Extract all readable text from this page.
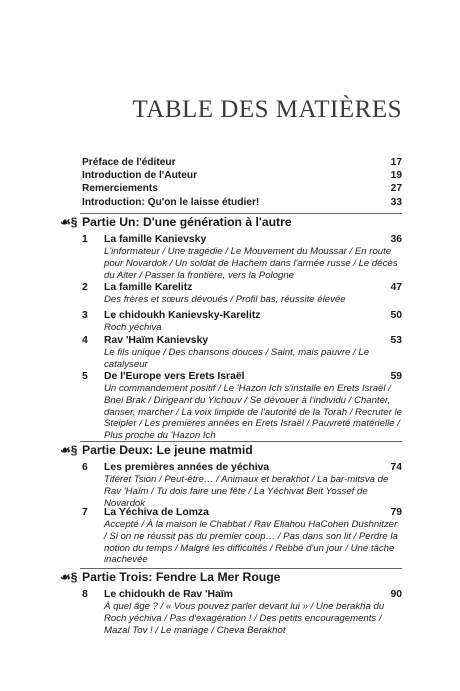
TABLE DES MATIÈRES
Préface de l'éditeur	17
Introduction de l'Auteur	19
Remerciements	27
Introduction: Qu'on le laisse étudier!	33
☙§ Partie Un: D'une génération à l'autre
1	La famille Kanievsky	36
L'informateur / Une tragédie / Le Mouvement du Moussar / En route pour Novardok / Un soldat de Hachem dans l'armée russe / Le décès du Alter / Passer la frontière, vers la Pologne
2	La famille Karelitz	47
Des frères et sœurs dévoués / Profil bas, réussite élevée
3	Le chidoukh Kanievsky-Karelitz	50
Roch yéchiva
4	Rav 'Haïm Kanievsky	53
Le fils unique / Des chansons douces / Saint, mais pauvre / Le catalyseur
5	De l'Europe vers Erets Israël	59
Un commandement positif / Le 'Hazon Ich s'installe en Erets Israël / Bnei Brak / Dirigeant du Yichouv / Se dévouer à l'individu / Chanter, danser, marcher / La voix limpide de l'autorité de la Torah / Recruter le Steipler / Les premières années en Erets Israël / Pauvreté matérielle / Plus proche du 'Hazon Ich
☙§ Partie Deux: Le jeune matmid
6	Les premières années de yéchiva	74
Tiféret Tsion / Peut-être… / Animaux et berakhot / La bar-mitsva de Rav 'Haïm / Tu dois faire une fête / La Yéchivat Beit Yossef de Novardok
7	La Yéchiva de Lomza	79
Accepté / À la maison le Chabbat / Rav Eliahou HaCohen Dushnitzer / Si on ne réussit pas du premier coup… / Pas dans son lit / Perdre la notion du temps / Malgré les difficultés / Rebbé d'un jour / Une tâche inachevée
☙§ Partie Trois: Fendre La Mer Rouge
8	Le chidoukh de Rav 'Haïm	90
À quel âge ? / « Vous pouvez parler devant lui » / Une berakha du Roch yéchiva / Pas d'exagération ! / Des petits encouragements / Mazal Tov ! / Le mariage / Cheva Berakhot
